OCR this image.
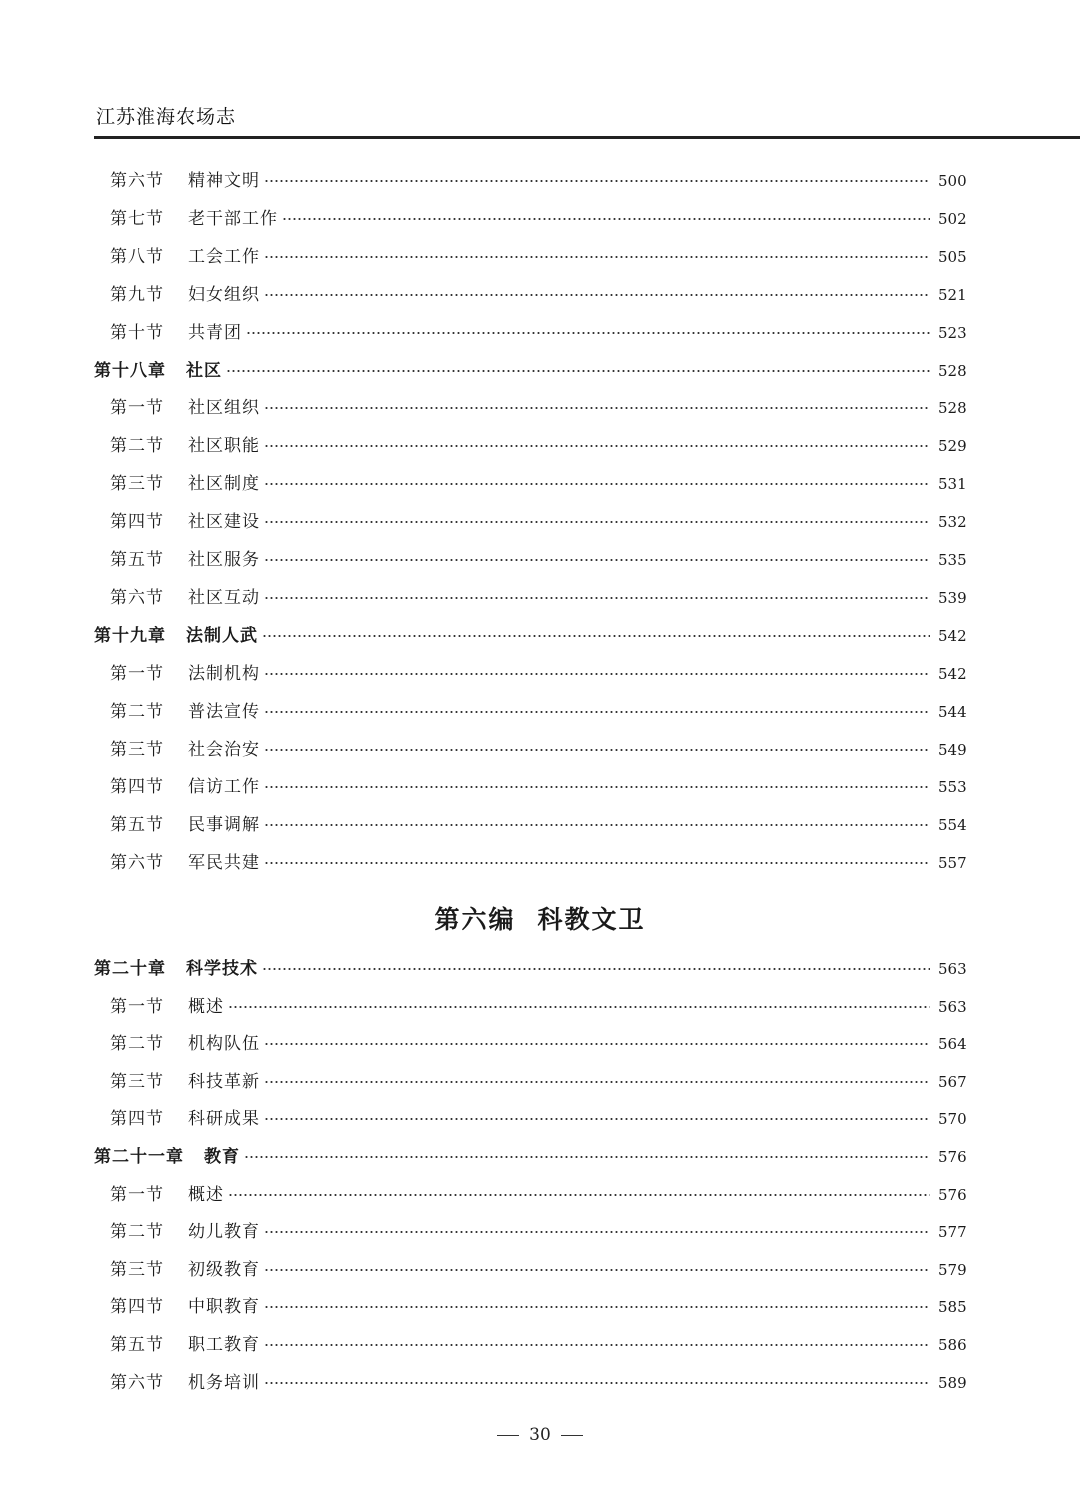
江苏淮海农场志
第六节	精神文明	500
第七节	老干部工作	502
第八节	工会工作	505
第九节	妇女组织	521
第十节	共青团	523
第十八章 社区	528
第一节	社区组织	528
第二节	社区职能	529
第三节	社区制度	531
第四节	社区建设	532
第五节	社区服务	535
第六节	社区互动	539
第十九章 法制人武	542
第一节	法制机构	542
第二节	普法宣传	544
第三节	社会治安	549
第四节	信访工作	553
第五节	民事调解	554
第六节	军民共建	557
第二十章 科学技术	563
第一节	概述	563
第二节	机构队伍	564
第三节	科技革新	567
第四节	科研成果	570
第二十一章 教育	576
第一节	概述	576
第二节	幼儿教育	577
第三节	初级教育	579
第四节	中职教育	585
第五节	职工教育	586
第六节	机务培训	589
第六编 科教文卫
30
